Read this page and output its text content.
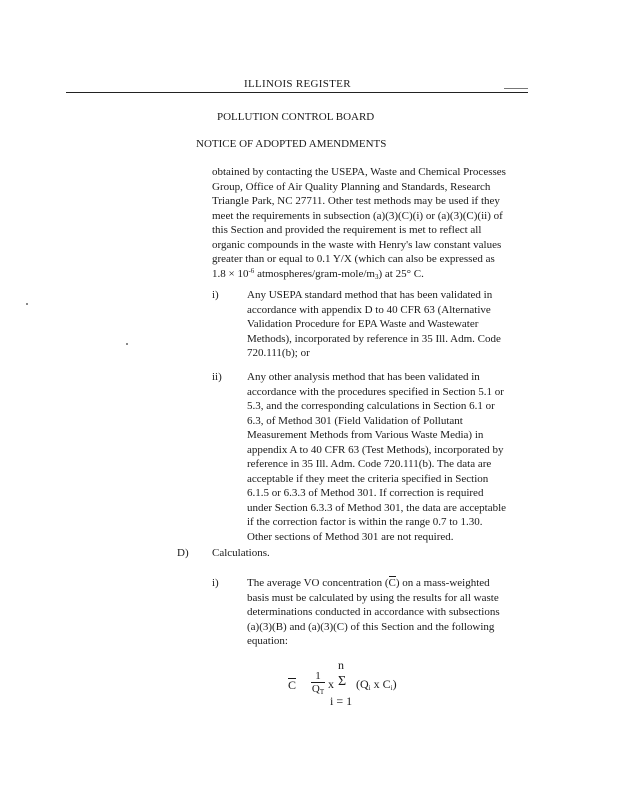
ILLINOIS REGISTER
POLLUTION CONTROL BOARD
NOTICE OF ADOPTED AMENDMENTS
obtained by contacting the USEPA, Waste and Chemical Processes
Group, Office of Air Quality Planning and Standards, Research
Triangle Park, NC 27711. Other test methods may be used if they
meet the requirements in subsection (a)(3)(C)(i) or (a)(3)(C)(ii) of
this Section and provided the requirement is met to reflect all
organic compounds in the waste with Henry's law constant values
greater than or equal to 0.1 Y/X (which can also be expressed as
$1.8 \times 10^{-6}$ atmospheres/$gram-mole/m_3$) at 25° C.
i)	Any USEPA standard method that has been validated in
accordance with appendix D to 40 CFR 63 (Alternative
Validation Procedure for EPA Waste and Wastewater
Methods), incorporated by reference in 35 Ill. Adm. Code
720.111(b); or
ii) Any other analysis method that has been validated in
accordance with the procedures specified in Section 5.1 or
5.3, and the corresponding calculations in Section 6.1 or
6.3, of Method 301 (Field Validation of Pollutant
Measurement Methods from Various Waste Media) in
appendix A to 40 CFR 63 (Test Methods), incorporated by
reference in 35 Ill. Adm. Code 720.111(b). The data are
acceptable if they meet the criteria specified in Section
6.1.5 or 6.3.3 of Method 301. If correction is required
under Section 6.3.3 of Method 301, the data are acceptable
if the correction factor is within the range 0.7 to 1.30.
Other sections of Method 301 are not required.
D) Calculations.
i)	The average VO concentration (C) on a mass-weighted
basis must be calculated by using the results for all waste
determinations conducted in accordance with subsections
(a)(3)(B) and (a)(3)(C) of this Section and the following
equation:
n
C $\frac{1}{Q_T}$ x Σ ($Q_i$ x $C_i$)
i = 1
